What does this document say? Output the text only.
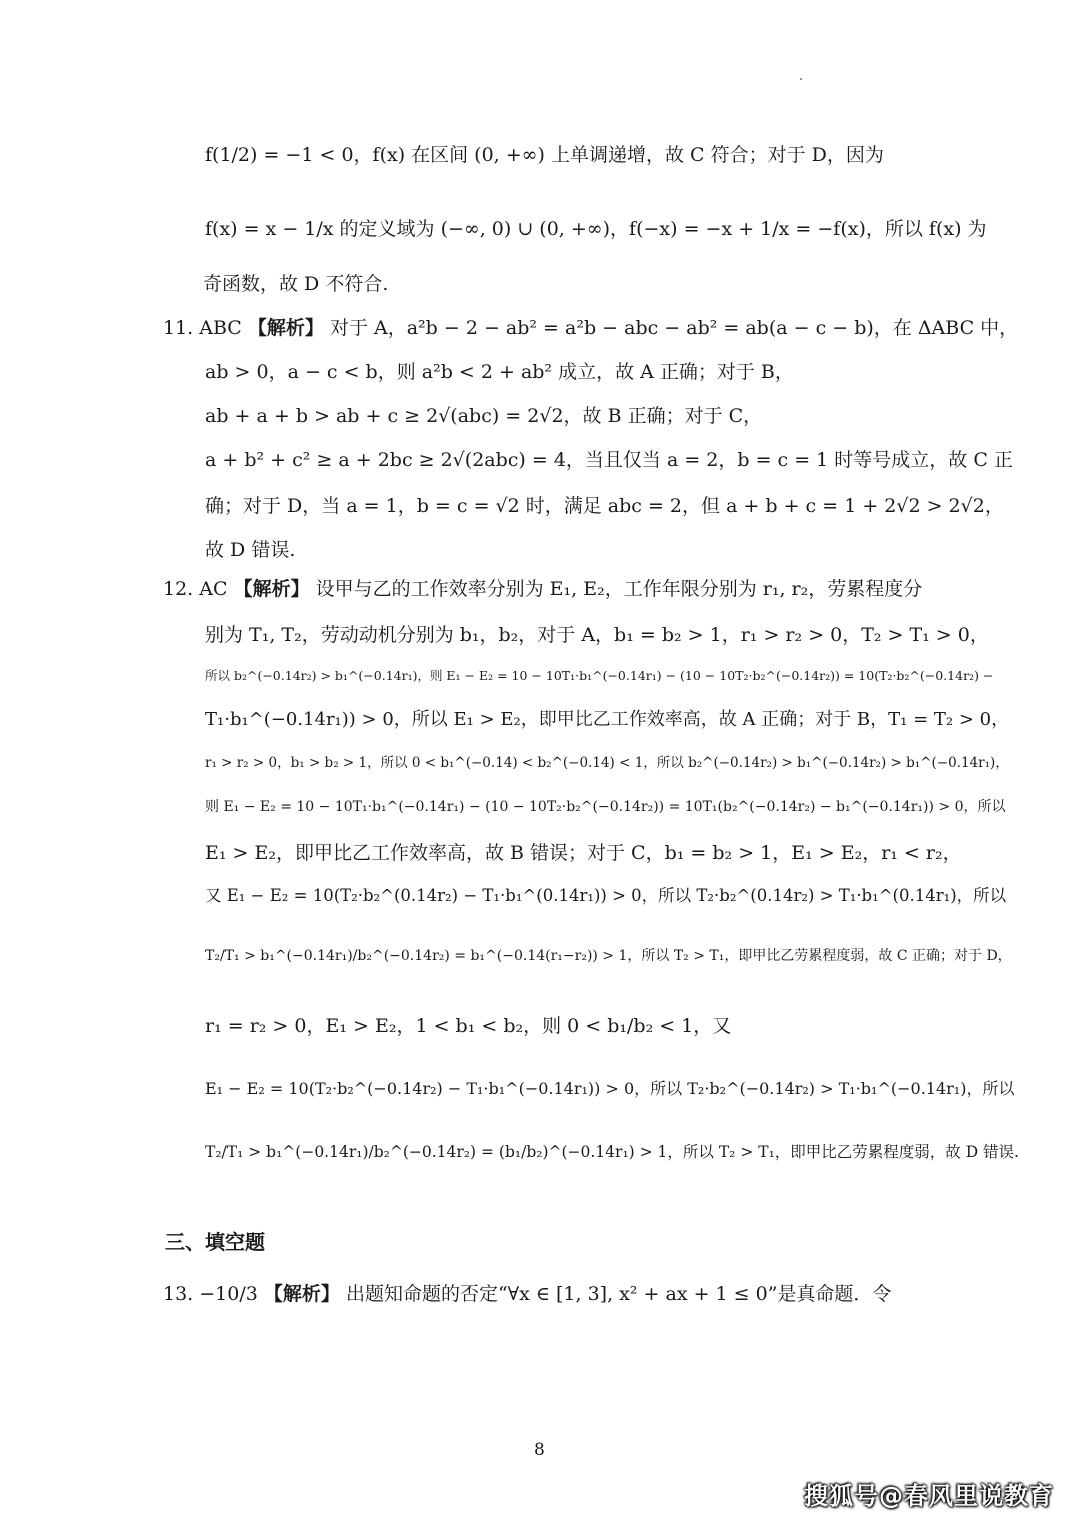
f(1/2) = −1 < 0，f(x) 在区间 (0, +∞) 上单调递增，故 C 符合；对于 D，因为
f(x) = x − 1/x 的定义域为 (−∞, 0) ∪ (0, +∞)，f(−x) = −x + 1/x = −f(x)，所以 f(x) 为
奇函数，故 D 不符合.
11. ABC 【解析】 对于 A，a²b − 2 − ab² = a²b − abc − ab² = ab(a − c − b)，在 ΔABC 中，
ab > 0，a − c < b，则 a²b < 2 + ab² 成立，故 A 正确；对于 B，
ab + a + b > ab + c ≥ 2√(abc) = 2√2，故 B 正确；对于 C，
a + b² + c² ≥ a + 2bc ≥ 2√(2abc) = 4，当且仅当 a = 2，b = c = 1 时等号成立，故 C 正
确；对于 D，当 a = 1，b = c = √2 时，满足 abc = 2，但 a + b + c = 1 + 2√2 > 2√2，
故 D 错误.
12. AC 【解析】 设甲与乙的工作效率分别为 E₁, E₂，工作年限分别为 r₁, r₂，劳累程度分
别为 T₁, T₂，劳动动机分别为 b₁，b₂，对于 A，b₁ = b₂ > 1，r₁ > r₂ > 0，T₂ > T₁ > 0，
所以 b₂^(−0.14r₂) > b₁^(−0.14r₁)，则 E₁ − E₂ = 10 − 10T₁·b₁^(−0.14r₁) − (10 − 10T₂·b₂^(−0.14r₂)) = 10(T₂·b₂^(−0.14r₂) −
T₁·b₁^(−0.14r₁)) > 0，所以 E₁ > E₂，即甲比乙工作效率高，故 A 正确；对于 B，T₁ = T₂ > 0，
r₁ > r₂ > 0，b₁ > b₂ > 1，所以 0 < b₁^(−0.14) < b₂^(−0.14) < 1，所以 b₂^(−0.14r₂) > b₁^(−0.14r₂) > b₁^(−0.14r₁)，
则 E₁ − E₂ = 10 − 10T₁·b₁^(−0.14r₁) − (10 − 10T₂·b₂^(−0.14r₂)) = 10T₁(b₂^(−0.14r₂) − b₁^(−0.14r₁)) > 0，所以
E₁ > E₂，即甲比乙工作效率高，故 B 错误；对于 C，b₁ = b₂ > 1，E₁ > E₂，r₁ < r₂，
又 E₁ − E₂ = 10(T₂·b₂^(0.14r₂) − T₁·b₁^(0.14r₁)) > 0，所以 T₂·b₂^(0.14r₂) > T₁·b₁^(0.14r₁)，所以
T₂/T₁ > b₁^(−0.14r₁)/b₂^(−0.14r₂) = b₁^(−0.14(r₁−r₂)) > 1，所以 T₂ > T₁，即甲比乙劳累程度弱，故 C 正确；对于 D，
r₁ = r₂ > 0，E₁ > E₂，1 < b₁ < b₂，则 0 < b₁/b₂ < 1，又
E₁ − E₂ = 10(T₂·b₂^(−0.14r₂) − T₁·b₁^(−0.14r₁)) > 0，所以 T₂·b₂^(−0.14r₂) > T₁·b₁^(−0.14r₁)，所以
T₂/T₁ > b₁^(−0.14r₁)/b₂^(−0.14r₂) = (b₁/b₂)^(−0.14r₁) > 1，所以 T₂ > T₁，即甲比乙劳累程度弱，故 D 错误.
三、填空题
13. −10/3 【解析】 出题知命题的否定“∀x ∈ [1, 3], x² + ax + 1 ≤ 0”是真命题．令
8
搜狐号@春风里说教育
